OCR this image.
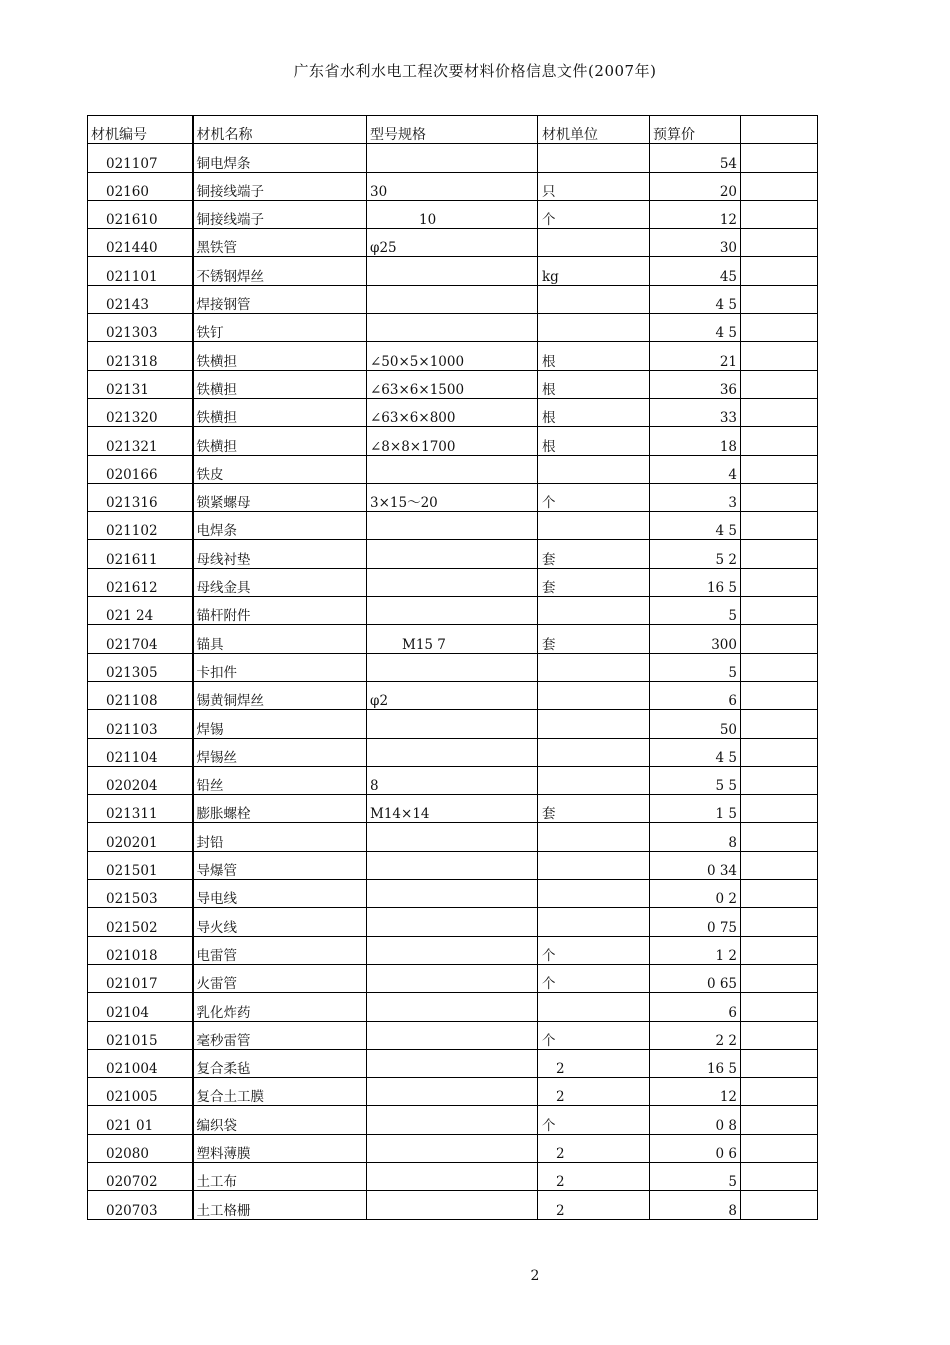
广东省水利水电工程次要材料价格信息文件(2007年)
材机编号	材机名称	型号规格	材机单位	预算价	
021107	铜电焊条			54	
02160	铜接线端子	30	只	20	
021610	铜接线端子	10	个	12	
021440	黑铁管	φ25		30	
021101	不锈钢焊丝		kg	45	
02143	焊接钢管			4 5	
021303	铁钉			4 5	
021318	铁横担	∠50×5×1000	根	21	
02131	铁横担	∠63×6×1500	根	36	
021320	铁横担	∠63×6×800	根	33	
021321	铁横担	∠8×8×1700	根	18	
020166	铁皮			4	
021316	锁紧螺母	3×15～20	个	3	
021102	电焊条			4 5	
021611	母线衬垫		套	5 2	
021612	母线金具		套	16 5	
021 24	锚杆附件			5	
021704	锚具	M15 7	套	300	
021305	卡扣件			5	
021108	锡黄铜焊丝	φ2		6	
021103	焊锡			50	
021104	焊锡丝			4 5	
020204	铅丝	8		5 5	
021311	膨胀螺栓	M14×14	套	1 5	
020201	封铅			8	
021501	导爆管			0 34	
021503	导电线			0 2	
021502	导火线			0 75	
021018	电雷管		个	1 2	
021017	火雷管		个	0 65	
02104	乳化炸药			6	
021015	毫秒雷管		个	2 2	
021004	复合柔毡		2	16 5	
021005	复合土工膜		2	12	
021 01	编织袋		个	0 8	
02080	塑料薄膜		2	0 6	
020702	土工布		2	5	
020703	土工格栅		2	8	
2
